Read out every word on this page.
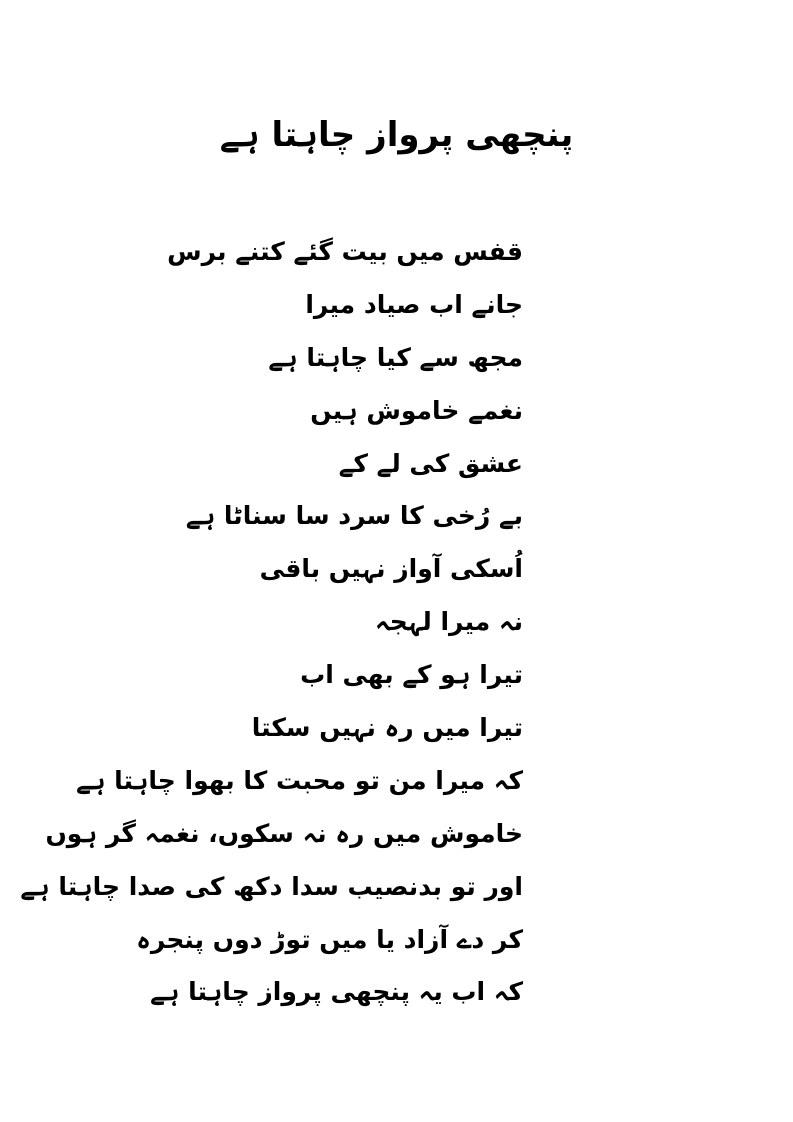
پنچھی پرواز چاہتا ہے
قفس میں بیت گئے کتنے برس
جانے اب صیاد میرا
مجھ سے کیا چاہتا ہے
نغمے خاموش ہیں
عشق کی لے کے
بے رُخی کا سرد سا سناٹا ہے
اُسکی آواز نہیں باقی
نہ میرا لہجہ
تیرا ہو کے بھی اب
تیرا میں رہ نہیں سکتا
کہ میرا من تو محبت کا بھوا چاہتا ہے
خاموش میں رہ نہ سکوں، نغمہ گر ہوں
اور تو بدنصیب سدا دکھ کی صدا چاہتا ہے
کر دے آزاد یا میں توڑ دوں پنجرہ
کہ اب یہ پنچھی پرواز چاہتا ہے
